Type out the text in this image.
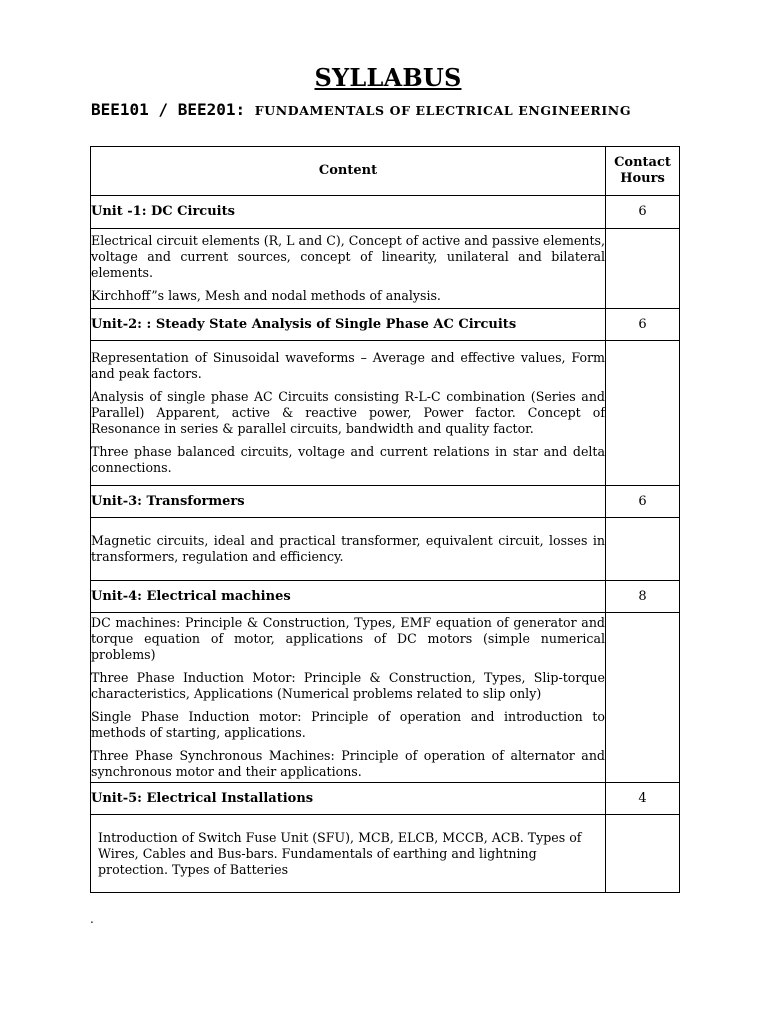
SYLLABUS
BEE101 / BEE201: FUNDAMENTALS OF ELECTRICAL ENGINEERING
Content	Contact
Hours
Unit -1: DC Circuits	6

Electrical circuit elements (R, L and C), Concept of active and passive elements, voltage and current sources, concept of linearity, unilateral and bilateral elements.

Kirchhoff”s laws, Mesh and nodal methods of analysis.	

Unit-2: : Steady State Analysis of Single Phase AC Circuits	6

Representation of Sinusoidal waveforms – Average and effective values, Form and peak factors.

Analysis of single phase AC Circuits consisting R-L-C combination (Series and Parallel) Apparent, active & reactive power, Power factor. Concept of Resonance in series & parallel circuits, bandwidth and quality factor.

Three phase balanced circuits, voltage and current relations in star and delta connections.	

Unit-3: Transformers	6

Magnetic circuits, ideal and practical transformer, equivalent circuit, losses in transformers, regulation and efficiency.	

Unit-4: Electrical machines	8

DC machines: Principle & Construction, Types, EMF equation of generator and torque equation of motor, applications of DC motors (simple numerical problems)

Three Phase Induction Motor: Principle & Construction, Types, Slip-torque characteristics, Applications (Numerical problems related to slip only)

Single Phase Induction motor: Principle of operation and introduction to methods of starting, applications.

Three Phase Synchronous Machines: Principle of operation of alternator and synchronous motor and their applications.	

Unit-5: Electrical Installations	4

Introduction of Switch Fuse Unit (SFU), MCB, ELCB, MCCB, ACB. Types of Wires, Cables and Bus-bars. Fundamentals of earthing and lightning protection. Types of Batteries	

.
